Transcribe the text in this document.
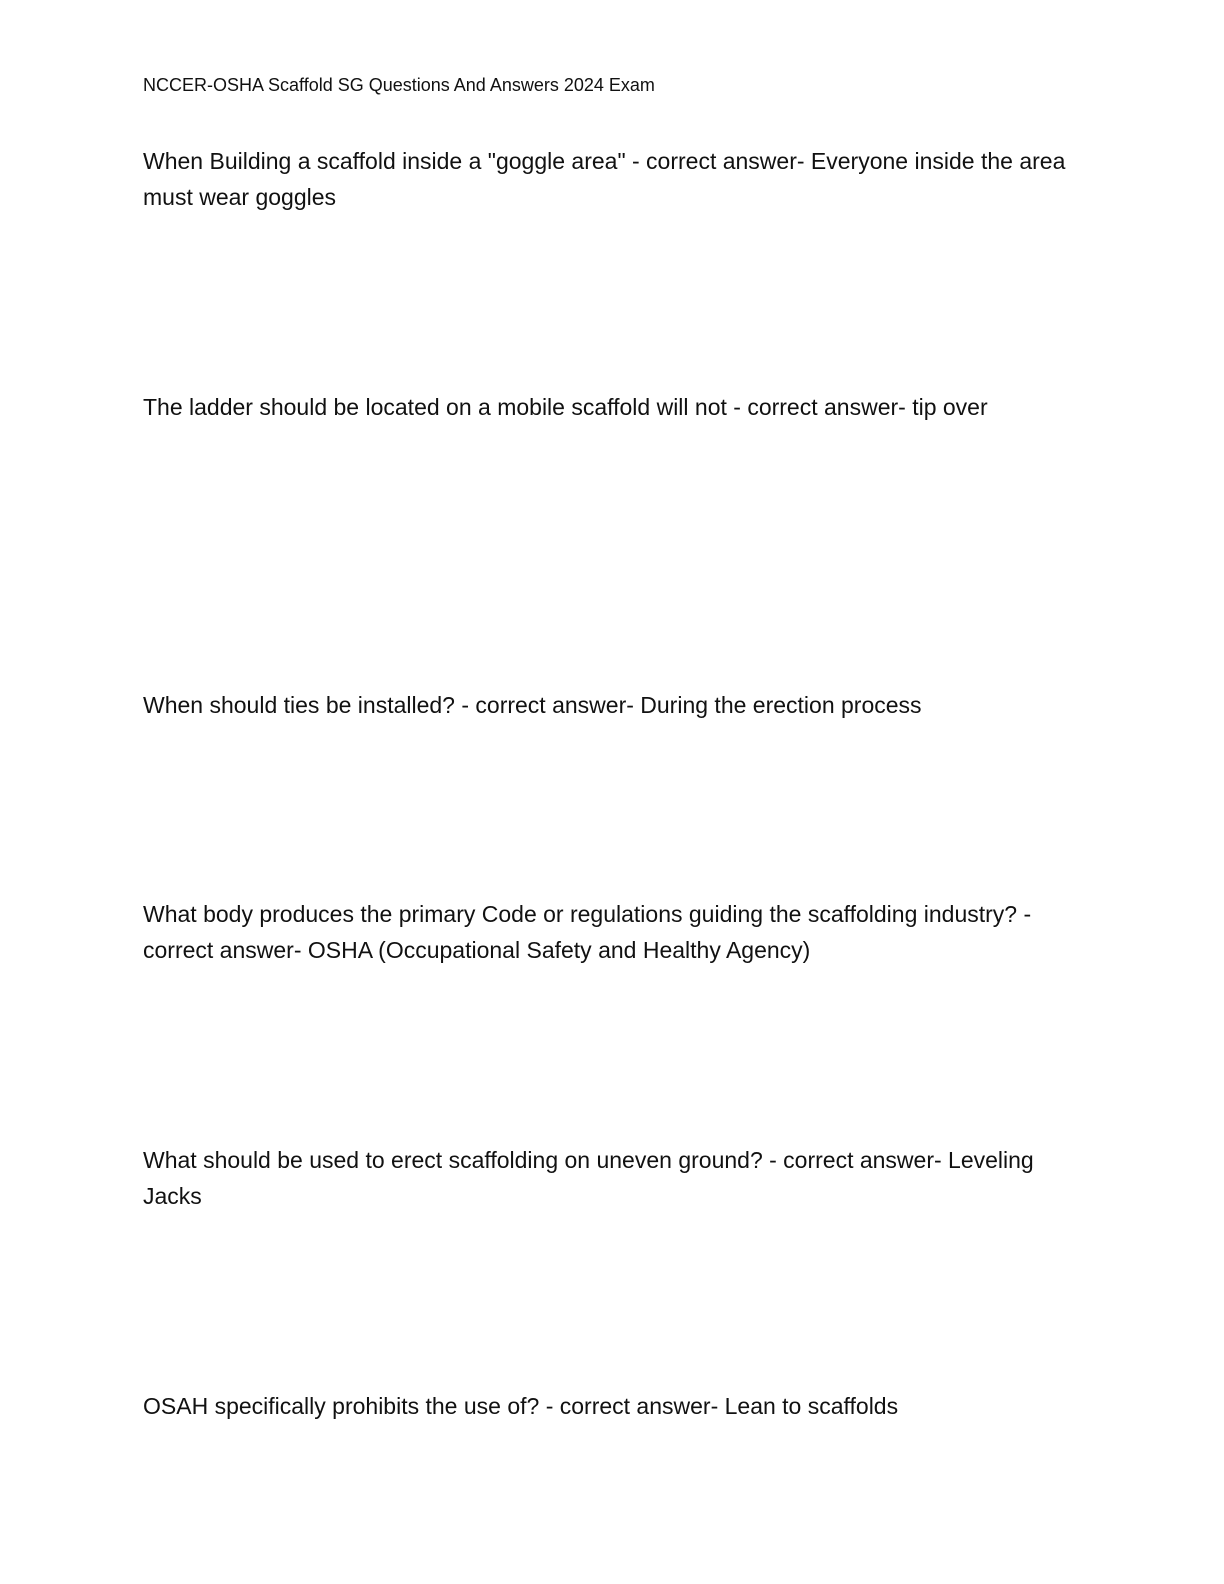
NCCER-OSHA Scaffold SG Questions And Answers 2024 Exam

When Building a scaffold inside a "goggle area" - correct answer- Everyone inside the area must wear goggles

The ladder should be located on a mobile scaffold will not - correct answer- tip over

When should ties be installed? - correct answer- During the erection process

What body produces the primary Code or regulations guiding the scaffolding industry? - correct answer- OSHA (Occupational Safety and Healthy Agency)

What should be used to erect scaffolding on uneven ground? - correct answer- Leveling Jacks

OSAH specifically prohibits the use of? - correct answer- Lean to scaffolds
